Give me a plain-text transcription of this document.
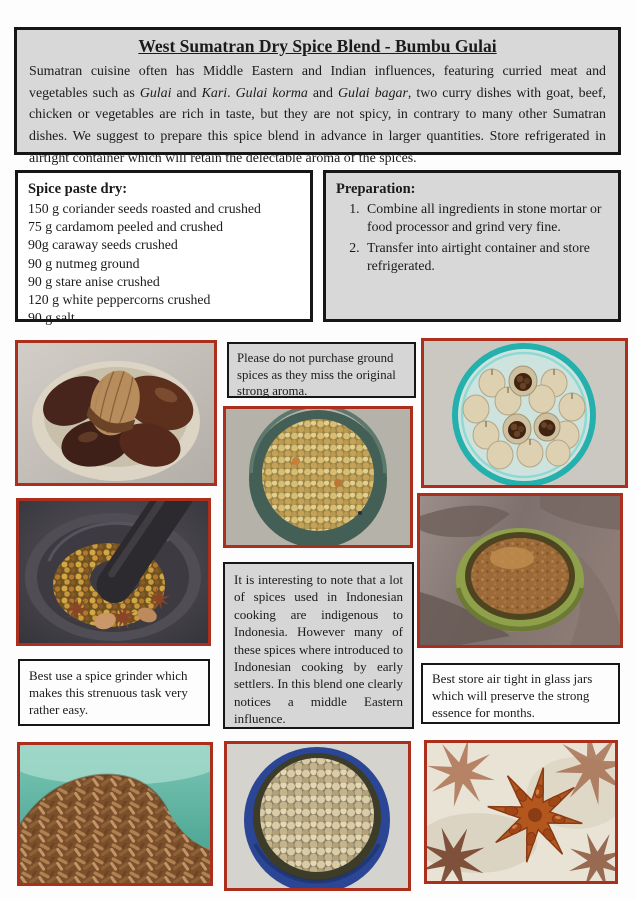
West Sumatran Dry Spice Blend - Bumbu Gulai
Sumatran cuisine often has Middle Eastern and Indian influences, featuring curried meat and vegetables such as Gulai and Kari. Gulai korma and Gulai bagar, two curry dishes with goat, beef, chicken or vegetables are rich in taste, but they are not spicy, in contrary to many other Sumatran dishes. We suggest to prepare this spice blend in advance in larger quantities. Store refrigerated in airtight container which will retain the delectable aroma of the spices.
Spice paste dry:
150 g coriander seeds roasted and crushed
75 g cardamom peeled and crushed
90g caraway seeds crushed
90 g nutmeg ground
90 g stare anise crushed
120 g white peppercorns crushed
90 g salt
Preparation:
1. Combine all ingredients in stone mortar or food processor and grind very fine.
2. Transfer into airtight container and store refrigerated.
Please do not purchase ground spices as they miss the original strong aroma.
It is interesting to note that a lot of spices used in Indonesian cooking are indigenous to Indonesia. However many of these spices where introduced to Indonesian cooking by early settlers. In this blend one clearly notices a middle Eastern influence.
Best use a spice grinder which makes this strenuous task very rather easy.
Best store air tight in glass jars which will preserve the strong essence for months.
